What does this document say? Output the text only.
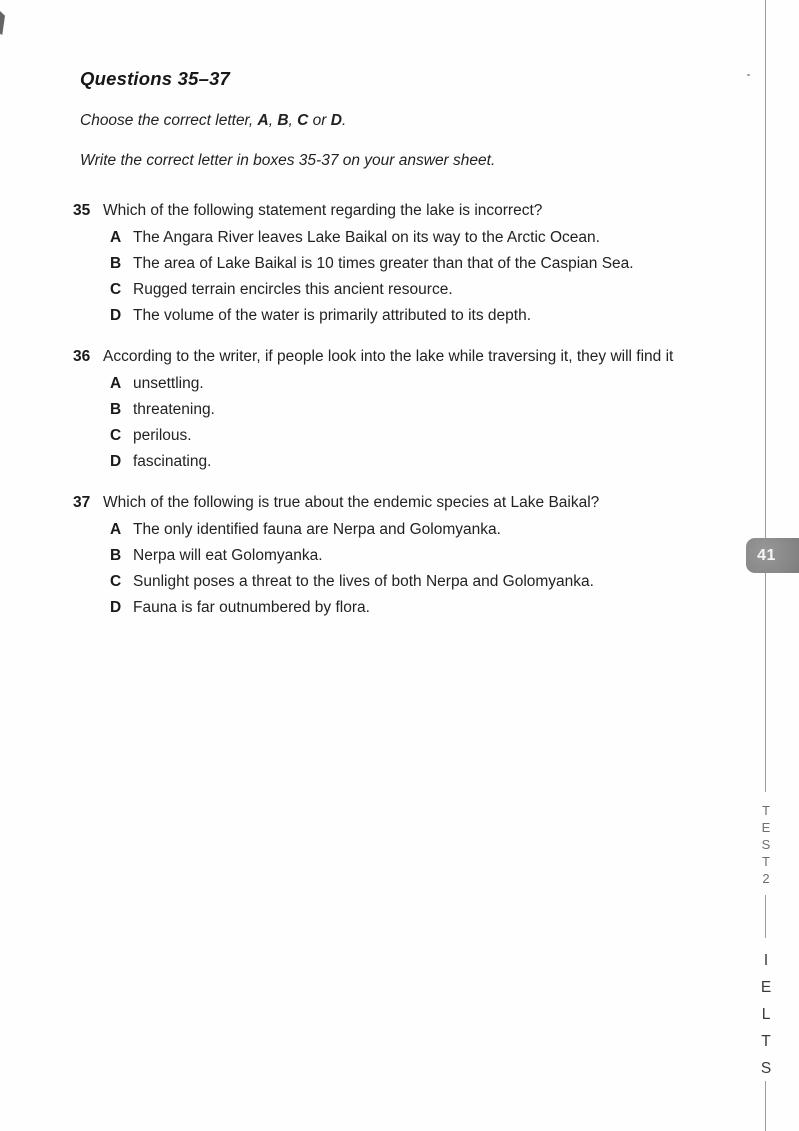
Questions 35–37
Choose the correct letter, A, B, C or D.
Write the correct letter in boxes 35-37 on your answer sheet.
35 Which of the following statement regarding the lake is incorrect?
A The Angara River leaves Lake Baikal on its way to the Arctic Ocean.
B The area of Lake Baikal is 10 times greater than that of the Caspian Sea.
C Rugged terrain encircles this ancient resource.
D The volume of the water is primarily attributed to its depth.
36 According to the writer, if people look into the lake while traversing it, they will find it
A unsettling.
B threatening.
C perilous.
D fascinating.
37 Which of the following is true about the endemic species at Lake Baikal?
A The only identified fauna are Nerpa and Golomyanka.
B Nerpa will eat Golomyanka.
C Sunlight poses a threat to the lives of both Nerpa and Golomyanka.
D Fauna is far outnumbered by flora.
41
T
E
S
T
2
I
E
L
T
S
